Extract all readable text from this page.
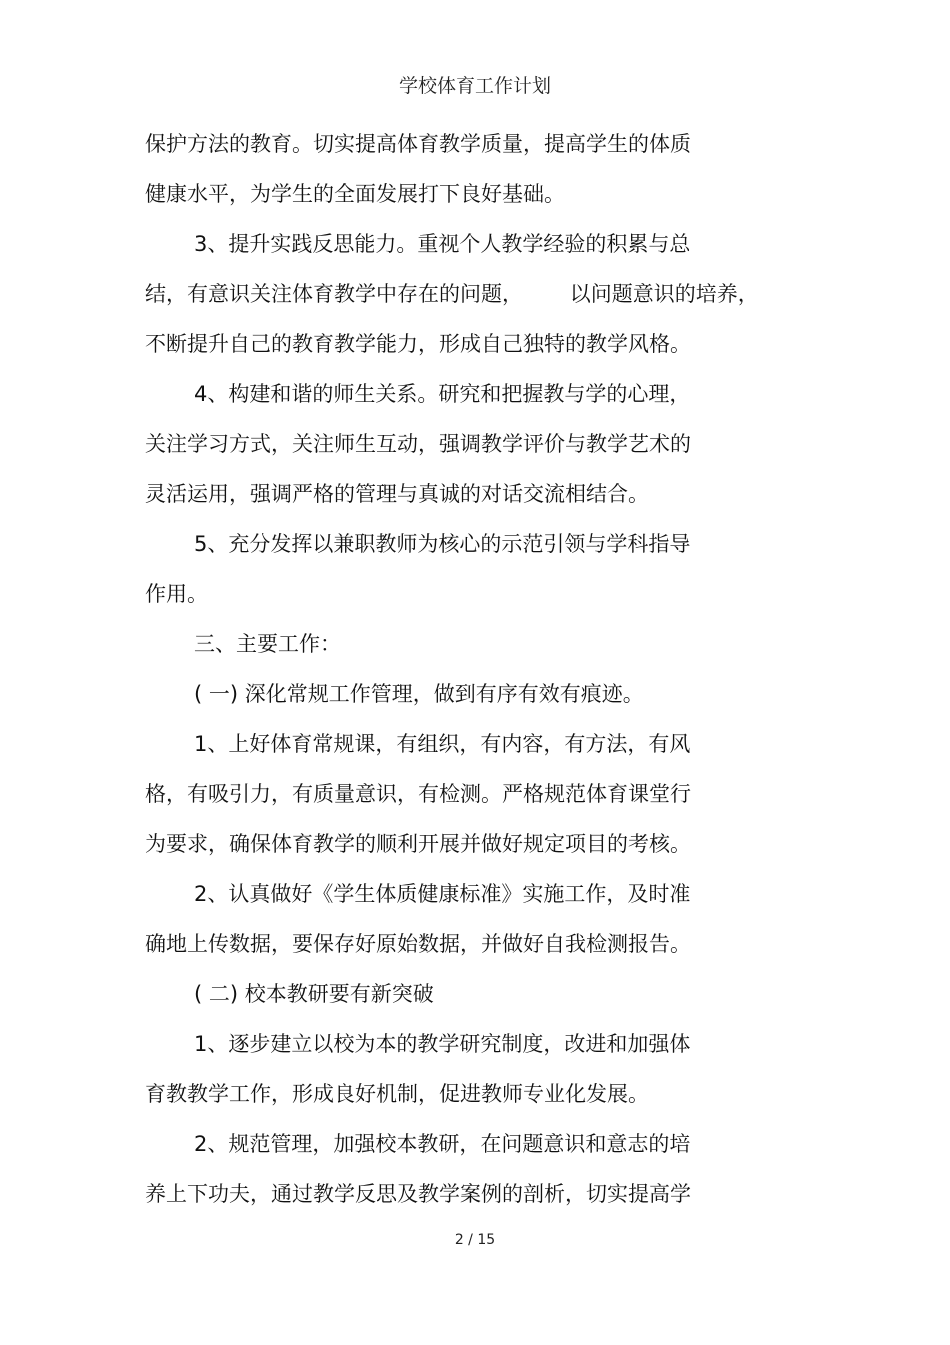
学校体育工作计划
保护方法的教育。切实提高体育教学质量，提高学生的体质
健康水平，为学生的全面发展打下良好基础。
3、提升实践反思能力。重视个人教学经验的积累与总
结，有意识关注体育教学中存在的问题，       以问题意识的培养，
不断提升自己的教育教学能力，形成自己独特的教学风格。
4、构建和谐的师生关系。研究和把握教与学的心理，
关注学习方式，关注师生互动，强调教学评价与教学艺术的
灵活运用，强调严格的管理与真诚的对话交流相结合。
5、充分发挥以兼职教师为核心的示范引领与学科指导
作用。
三、主要工作：
( 一) 深化常规工作管理，做到有序有效有痕迹。
1、上好体育常规课，有组织，有内容，有方法，有风
格，有吸引力，有质量意识，有检测。严格规范体育课堂行
为要求，确保体育教学的顺利开展并做好规定项目的考核。
2、认真做好《学生体质健康标准》实施工作，及时准
确地上传数据，要保存好原始数据，并做好自我检测报告。
( 二) 校本教研要有新突破
1、逐步建立以校为本的教学研究制度，改进和加强体
育教教学工作，形成良好机制，促进教师专业化发展。
2、规范管理，加强校本教研，在问题意识和意志的培
养上下功夫，通过教学反思及教学案例的剖析，切实提高学
2 / 15
